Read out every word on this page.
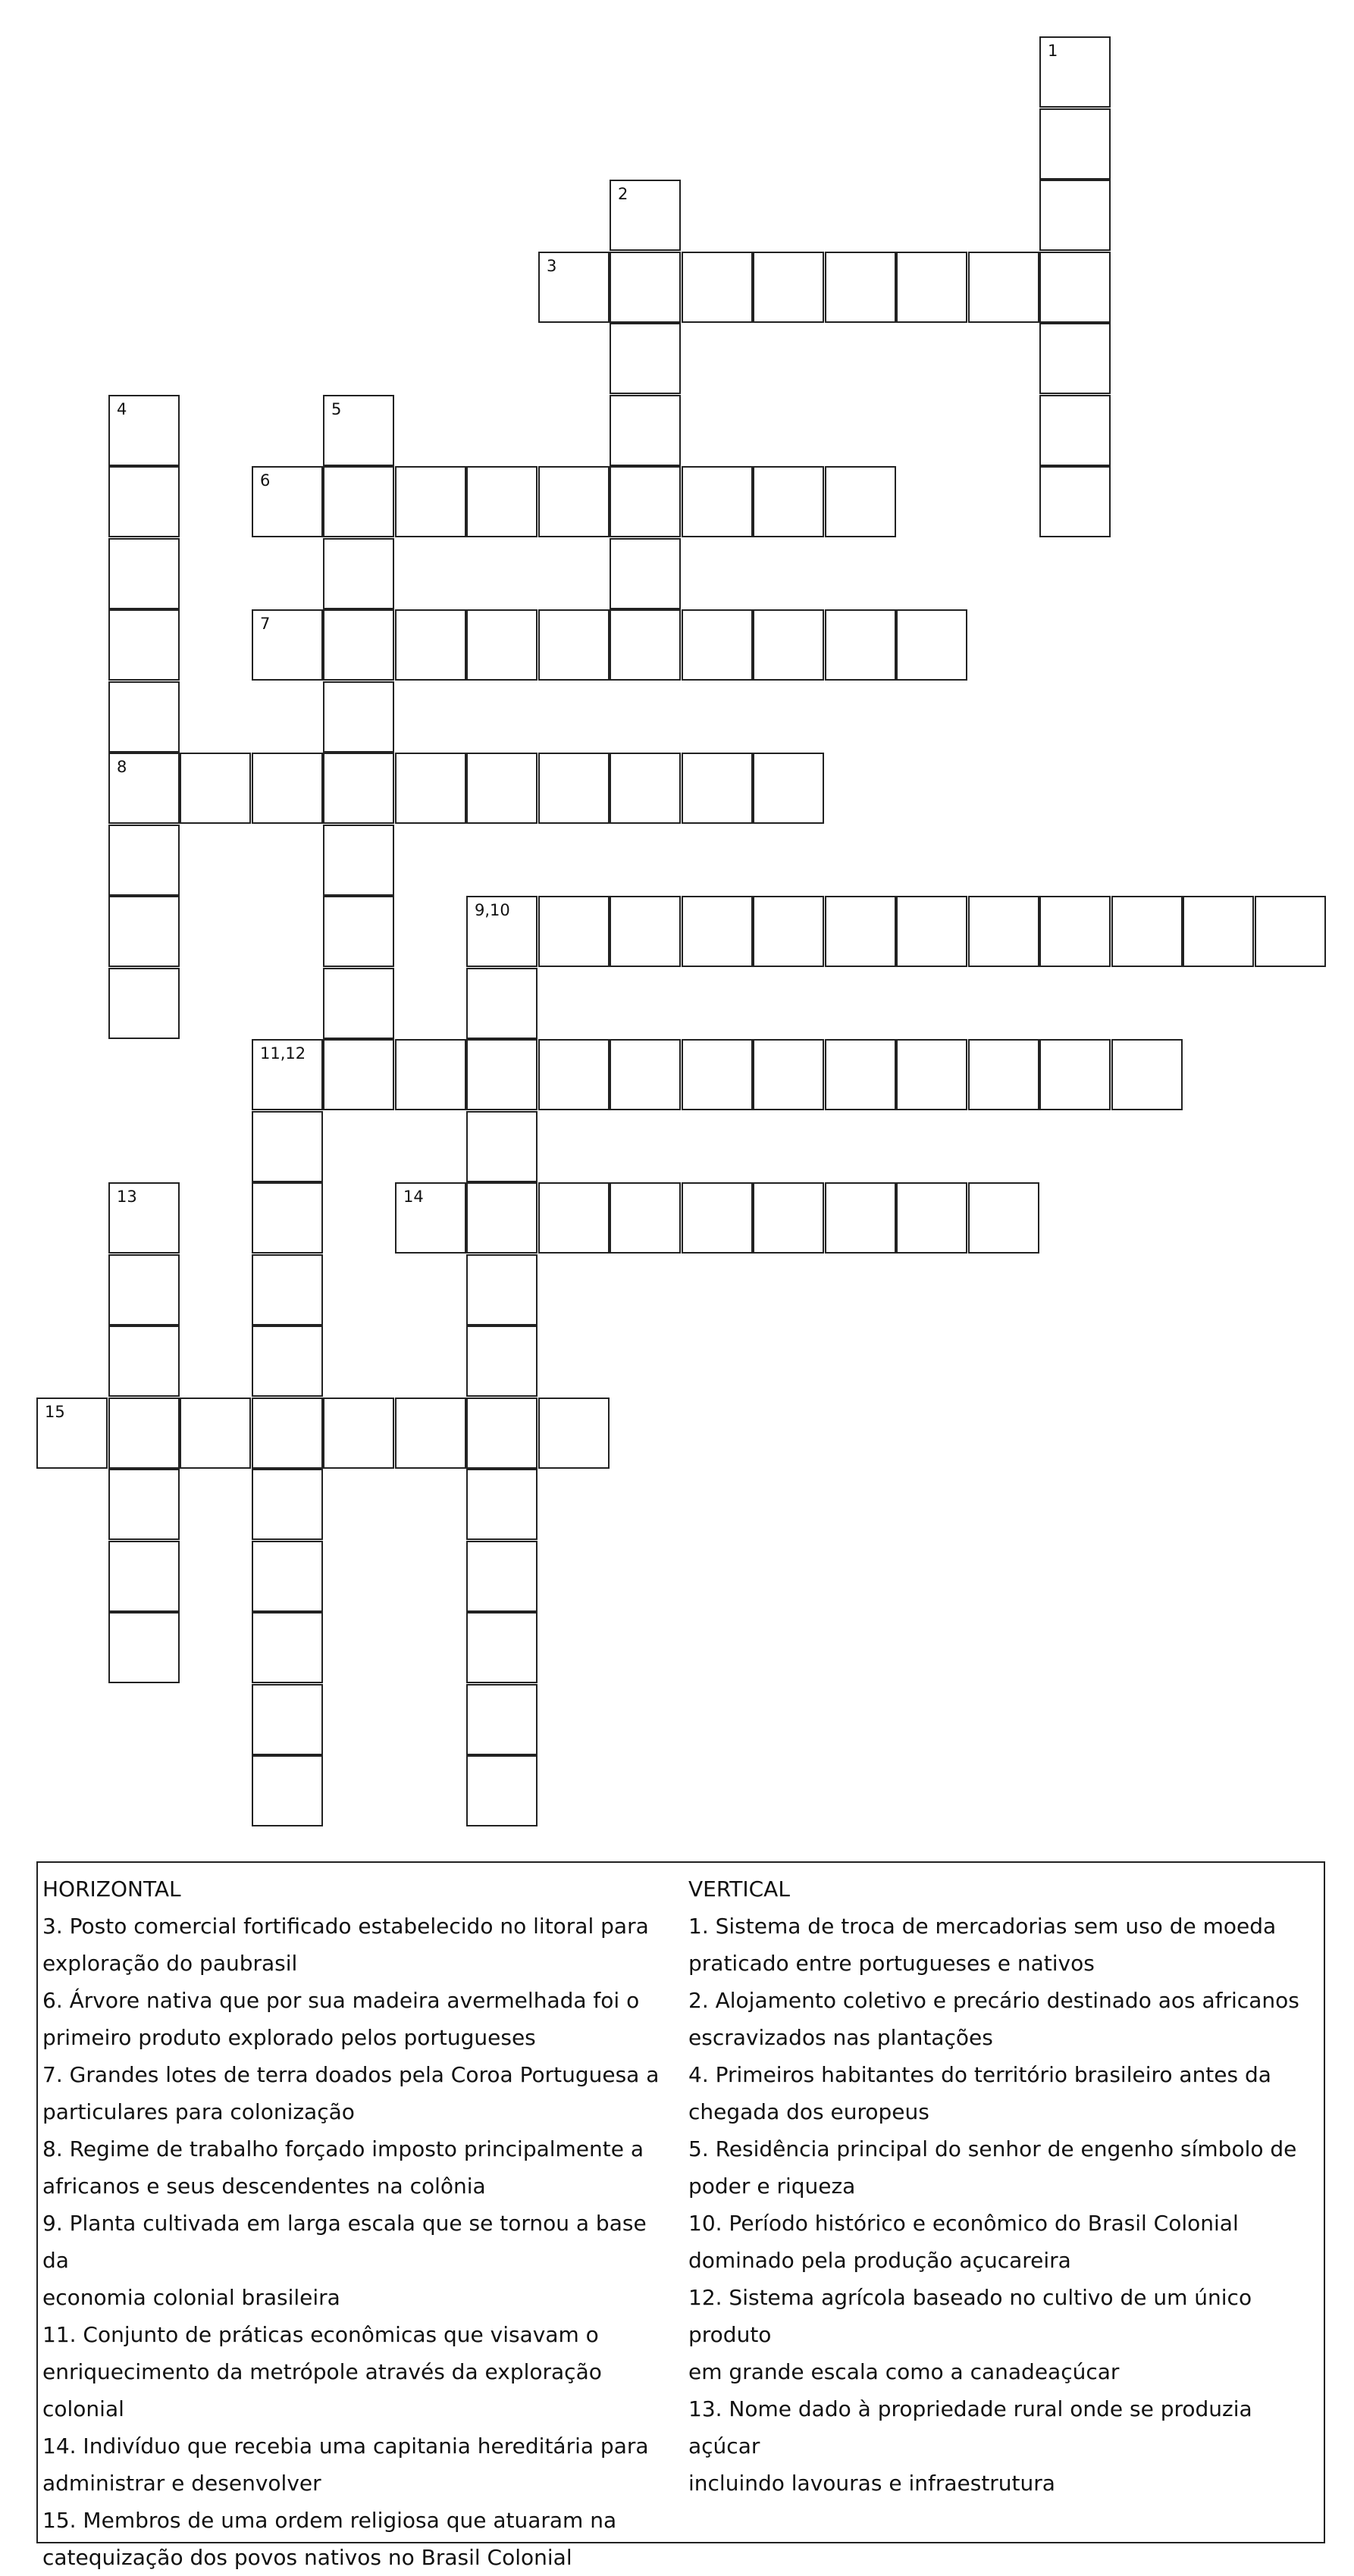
1
2
3
4
8
5
6
7
9,10
11,12
13	14
15
HORIZONTAL

3. Posto comercial fortificado estabelecido no litoral para

exploração do paubrasil

6. Árvore nativa que por sua madeira avermelhada foi o

primeiro produto explorado pelos portugueses

7. Grandes lotes de terra doados pela Coroa Portuguesa a

particulares para colonização

8. Regime de trabalho forçado imposto principalmente a

africanos e seus descendentes na colônia

9. Planta cultivada em larga escala que se tornou a base da

economia colonial brasileira

11. Conjunto de práticas econômicas que visavam o

enriquecimento da metrópole através da exploração colonial

14. Indivíduo que recebia uma capitania hereditária para

administrar e desenvolver

15. Membros de uma ordem religiosa que atuaram na

catequização dos povos nativos no Brasil Colonial

VERTICAL

1. Sistema de troca de mercadorias sem uso de moeda

praticado entre portugueses e nativos

2. Alojamento coletivo e precário destinado aos africanos

escravizados nas plantações

4. Primeiros habitantes do território brasileiro antes da

chegada dos europeus

5. Residência principal do senhor de engenho símbolo de

poder e riqueza

10. Período histórico e econômico do Brasil Colonial

dominado pela produção açucareira

12. Sistema agrícola baseado no cultivo de um único produto

em grande escala como a canadeaçúcar

13. Nome dado à propriedade rural onde se produzia açúcar

incluindo lavouras e infraestrutura
